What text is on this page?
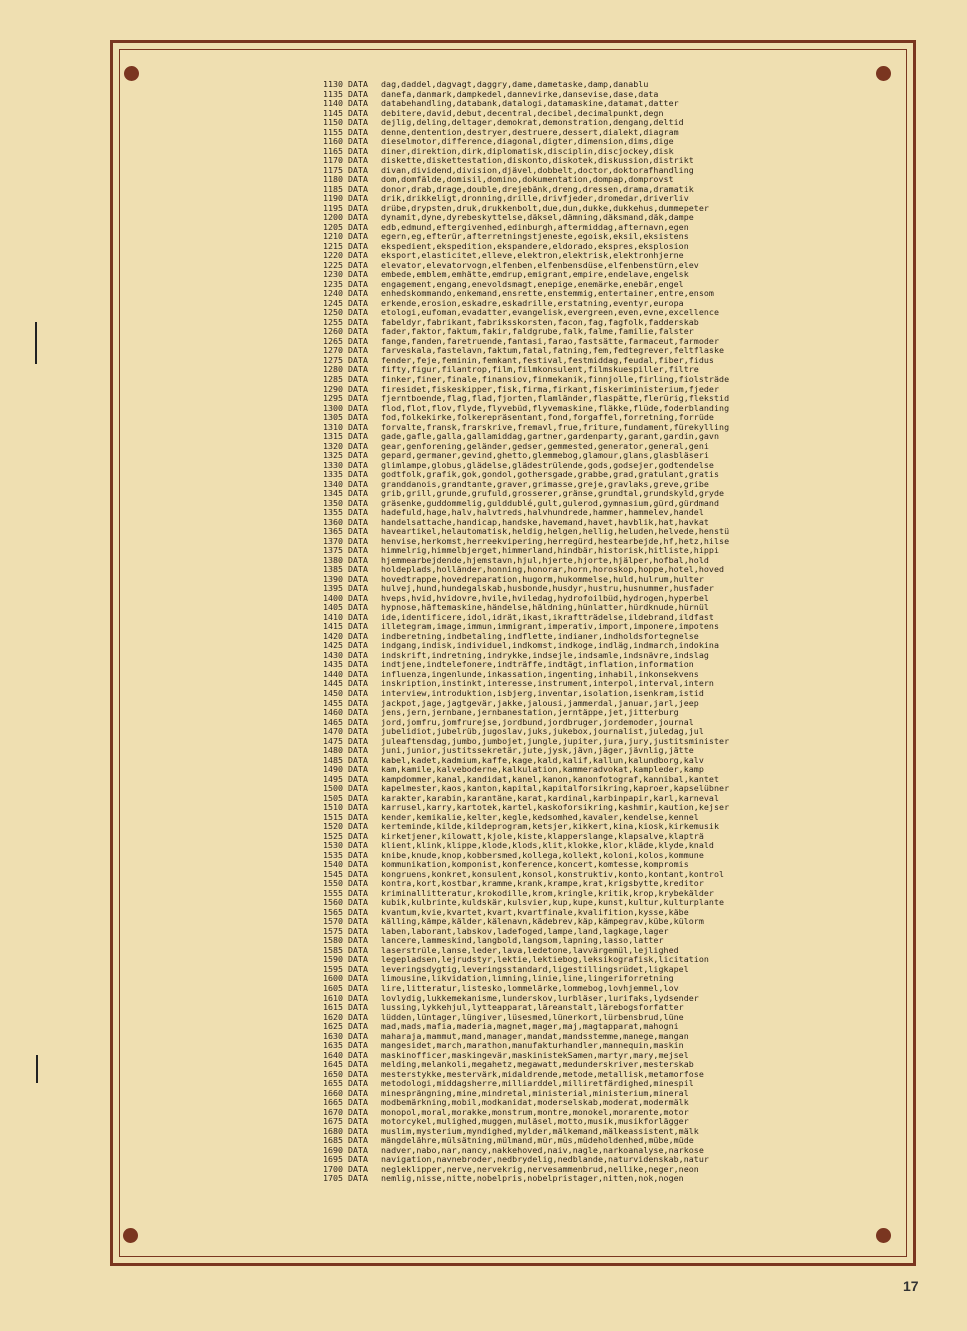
1130 DATA	dag,daddel,dagvagt,daggry,dame,dametaske,damp,danablu
1135 DATA	danefa,danmark,dampkedel,dannevirke,dansevise,dase,data
1140 DATA	databehandling,databank,datalogi,datamaskine,datamat,datter
1145 DATA	debitere,david,debut,decentral,decibel,decimalpunkt,degn
1150 DATA	dejlig,deling,deltager,demokrat,demonstration,dengang,deltid
1155 DATA	denne,dentention,destryer,destruere,dessert,dialekt,diagram
1160 DATA	dieselmotor,difference,diagonal,digter,dimension,dims,dige
1165 DATA	diner,direktion,dirk,diplomatisk,disciplin,discjockey,disk
1170 DATA	diskette,diskettestation,diskonto,diskotek,diskussion,distrikt
1175 DATA	divan,dividend,division,djävel,dobbelt,doctor,doktorafhandling
1180 DATA	dom,domfälde,domisil,domino,dokumentation,dompap,domprovst
1185 DATA	donor,drab,drage,double,drejebänk,dreng,dressen,drama,dramatik
1190 DATA	drik,drikkeligt,dronning,drille,drivfjeder,dromedar,driverliv
1195 DATA	drübe,drypsten,druk,drukkenbolt,due,dun,dukke,dukkehus,dummepeter
1200 DATA	dynamit,dyne,dyrebeskyttelse,däksel,dämning,däksmand,däk,dampe
1205 DATA	edb,edmund,eftergivenhed,edinburgh,aftermiddag,afternavn,egen
1210 DATA	egern,eg,efterür,afterretningstjeneste,egoisk,eksil,eksistens
1215 DATA	ekspedient,ekspedition,ekspandere,eldorado,ekspres,eksplosion
1220 DATA	eksport,elasticitet,elleve,elektron,elektrisk,elektronhjerne
1225 DATA	elevator,elevatorvogn,elfenben,elfenbensdüse,elfenbenstürn,elev
1230 DATA	embede,emblem,emhätte,emdrup,emigrant,empire,endelave,engelsk
1235 DATA	engagement,engang,enevoldsmagt,enepige,enemärke,enebär,engel
1240 DATA	enhedskommando,enkemand,ensrette,enstemmig,entertainer,entre,ensom
1245 DATA	erkende,erosion,eskadre,eskadrille,erstatning,eventyr,europa
1250 DATA	etologi,eufoman,evadatter,evangelisk,evergreen,even,evne,excellence
1255 DATA	fabeldyr,fabrikant,fabriksskorsten,facon,fag,fagfolk,fadderskab
1260 DATA	fader,faktor,faktum,fakir,faldgrube,falk,falme,familie,falster
1265 DATA	fange,fanden,faretruende,fantasi,farao,fastsätte,farmaceut,farmoder
1270 DATA	farveskala,fastelavn,faktum,fatal,fatning,fem,fedtegrever,feltflaske
1275 DATA	fender,feje,feminin,femkant,festival,festmiddag,feudal,fiber,fidus
1280 DATA	fifty,figur,filantrop,film,filmkonsulent,filmskuespiller,filtre
1285 DATA	finker,finer,finale,finansiov,finmekanik,finnjolle,firling,fiolsträde
1290 DATA	firesidet,fiskeskipper,fisk,firma,firkant,fiskeriministerium,fjeder
1295 DATA	fjerntboende,flag,flad,fjorten,flamländer,flaspätte,flerürig,flekstid
1300 DATA	flod,flot,flov,flyde,flyvebüd,flyvemaskine,fläkke,flüde,foderblanding
1305 DATA	fod,folkekirke,folkerepräsentant,fond,forgaffel,forretning,forrüde
1310 DATA	forvalte,fransk,frarskrive,fremavl,frue,friture,fundament,fürekylling
1315 DATA	gade,gafle,galla,gallamiddag,gartner,gardenparty,garant,gardin,gavn
1320 DATA	gear,genforening,geländer,gedser,gemmested,generator,general,geni
1325 DATA	gepard,germaner,gevind,ghetto,glemmebog,glamour,glans,glasbläseri
1330 DATA	glimlampe,globus,glädelse,glädestrülende,gods,godsejer,godtendelse
1335 DATA	godtfolk,grafik,gok,gondol,gothersgade,grabbe,grad,gratulant,gratis
1340 DATA	granddanois,grandtante,graver,grimasse,greje,gravlaks,greve,gribe
1345 DATA	grib,grill,grunde,grufuld,grosserer,gränse,grundtal,grundskyld,gryde
1350 DATA	gräsenke,guddommelig,gulddublé,gult,gulerod,gymnasium,gürd,gürdmand
1355 DATA	hadefuld,hage,halv,halvtreds,halvhundrede,hammer,hammelev,handel
1360 DATA	handelsattache,handicap,handske,havemand,havet,havblik,hat,havkat
1365 DATA	haveartikel,helautomatisk,heldig,helgen,hellig,heluden,helvede,henstü
1370 DATA	henvise,herkomst,herreekvipering,herregürd,hestearbejde,hf,hetz,hilse
1375 DATA	himmelrig,himmelbjerget,himmerland,hindbär,historisk,hitliste,hippi
1380 DATA	hjemmearbejdende,hjemstavn,hjul,hjerte,hjorte,hjälper,hofbal,hold
1385 DATA	holdeplads,holländer,honning,honorar,horn,horoskop,hoppe,hotel,hoved
1390 DATA	hovedtrappe,hovedreparation,hugorm,hukommelse,huld,hulrum,hulter
1395 DATA	hulvej,hund,hundegalskab,husbonde,husdyr,hustru,husnummer,husfader
1400 DATA	hveps,hvid,hvidovre,hvile,hviledag,hydrofoilbüd,hydrogen,hyperbel
1405 DATA	hypnose,häftemaskine,händelse,häldning,hünlatter,hürdknude,hürnül
1410 DATA	ide,identificere,idol,idrät,ikast,ikraftträdelse,ildebrand,ildfast
1415 DATA	illetegram,image,immun,immigrant,imperativ,import,imponere,impotens
1420 DATA	indberetning,indbetaling,indflette,indianer,indholdsfortegnelse
1425 DATA	indgang,indisk,individuel,indkomst,indkoge,indläg,indmarch,indokina
1430 DATA	indskrift,indretning,indrykke,indsejle,indsamle,indsnävre,indslag
1435 DATA	indtjene,indtelefonere,indträffe,indtägt,inflation,information
1440 DATA	influenza,ingenlunde,inkassation,ingenting,inhabil,inkonsekvens
1445 DATA	inskription,instinkt,interesse,instrument,interpol,interval,intern
1450 DATA	interview,introduktion,isbjerg,inventar,isolation,isenkram,istid
1455 DATA	jackpot,jage,jagtgevär,jakke,jalousi,jammerdal,januar,jarl,jeep
1460 DATA	jens,jern,jernbane,jernbanestation,jerntäppe,jet,jitterburg
1465 DATA	jord,jomfru,jomfrurejse,jordbund,jordbruger,jordemoder,journal
1470 DATA	jubelidiot,jubelrüb,jugoslav,juks,jukebox,journalist,juledag,jul
1475 DATA	juleaftensdag,jumbo,jumbojet,jungle,jupiter,jura,jury,justitsminister
1480 DATA	juni,junior,justitssekretär,jute,jysk,jävn,jäger,jävnlig,jätte
1485 DATA	kabel,kadet,kadmium,kaffe,kage,kald,kalif,kallun,kalundborg,kalv
1490 DATA	kam,kamile,kalveboderne,kalkulation,kammeradvokat,kampleder,kamp
1495 DATA	kampdommer,kanal,kandidat,kanel,kanon,kanonfotograf,kannibal,kantet
1500 DATA	kapelmester,kaos,kanton,kapital,kapitalforsikring,kaproer,kapselübner
1505 DATA	karakter,karabin,karantäne,karat,kardinal,karbinpapir,karl,karneval
1510 DATA	karrusel,karry,kartotek,kartel,kaskoforsikring,kashmir,kaution,kejser
1515 DATA	kender,kemikalie,kelter,kegle,kedsomhed,kavaler,kendelse,kennel
1520 DATA	kerteminde,kilde,kildeprogram,ketsjer,kikkert,kina,kiosk,kirkemusik
1525 DATA	kirketjener,kilowatt,kjole,kiste,klapperslange,klapsalve,klapträ
1530 DATA	klient,klink,klippe,klode,klods,klit,klokke,klor,kläde,klyde,knald
1535 DATA	knibe,knude,knop,kobbersmed,kollega,kollekt,koloni,kolos,kommune
1540 DATA	kommunikation,komponist,konference,koncert,komtesse,kompromis
1545 DATA	kongruens,konkret,konsulent,konsol,konstruktiv,konto,kontant,kontrol
1550 DATA	kontra,kort,kostbar,kramme,krank,krampe,krat,krigsbytte,kreditor
1555 DATA	kriminallitteratur,krokodille,krom,kringle,kritik,krop,krybekälder
1560 DATA	kubik,kulbrinte,kuldskär,kulsvier,kup,kupe,kunst,kultur,kulturplante
1565 DATA	kvantum,kvie,kvartet,kvart,kvartfinale,kvalifition,kysse,käbe
1570 DATA	källing,kämpe,kälder,kälenavn,kädebrev,käp,kämpegrav,kübe,külorm
1575 DATA	laben,laborant,labskov,ladefoged,lampe,land,lagkage,lager
1580 DATA	lancere,lammeskind,langbold,langsom,lapning,lasso,latter
1585 DATA	laserstrüle,lanse,leder,lava,ledetone,lavvärgemül,lejlighed
1590 DATA	legepladsen,lejrudstyr,lektie,lektiebog,leksikografisk,licitation
1595 DATA	leveringsdygtig,leveringsstandard,ligestillingsrüdet,ligkapel
1600 DATA	limousine,likvidation,limning,linie,line,lingeriforretning
1605 DATA	lire,litteratur,listesko,lommelärke,lommebog,lovhjemmel,lov
1610 DATA	lovlydig,lukkemekanisme,lunderskov,lurbläser,lurifaks,lydsender
1615 DATA	lussing,lykkehjul,lytteapparat,läreanstalt,lärebogsforfatter
1620 DATA	lüdden,lüntager,lüngiver,lüsesmed,lünerkort,lürbensbrud,lüne
1625 DATA	mad,mads,mafia,maderia,magnet,mager,maj,magtapparat,mahogni
1630 DATA	maharaja,mammut,mand,manager,mandat,mandsstemme,manege,mangan
1635 DATA	mangesidet,march,marathon,manufakturhandler,mannequin,maskin
1640 DATA	maskinofficer,maskingevär,maskinistekSamen,martyr,mary,mejsel
1645 DATA	melding,melankoli,megahetz,megawatt,medunderskriver,mesterskab
1650 DATA	mesterstykke,mestervärk,midaldrende,metode,metallisk,metamorfose
1655 DATA	metodologi,middagsherre,milliarddel,milliretfärdighed,minespil
1660 DATA	minesprängning,mine,mindretal,ministerial,ministerium,mineral
1665 DATA	modbemärkning,mobil,modkanidat,moderselskab,moderat,modermälk
1670 DATA	monopol,moral,morakke,monstrum,montre,monokel,morarente,motor
1675 DATA	motorcykel,mulighed,muggen,muläsel,motto,musik,musikforlägger
1680 DATA	muslim,mysterium,myndighed,mylder,mälkemand,mälkeassistent,mälk
1685 DATA	mängdelähre,mülsätning,mülmand,mür,müs,müdeholdenhed,mübe,müde
1690 DATA	nadver,nabo,nar,nancy,nakkehoved,naiv,nagle,narkoanalyse,narkose
1695 DATA	navigation,navnebroder,nedbrydelig,nedblande,naturvidenskab,natur
1700 DATA	negleklipper,nerve,nervekrig,nervesammenbrud,nellike,neger,neon
1705 DATA	nemlig,nisse,nitte,nobelpris,nobelpristager,nitten,nok,nogen
17
